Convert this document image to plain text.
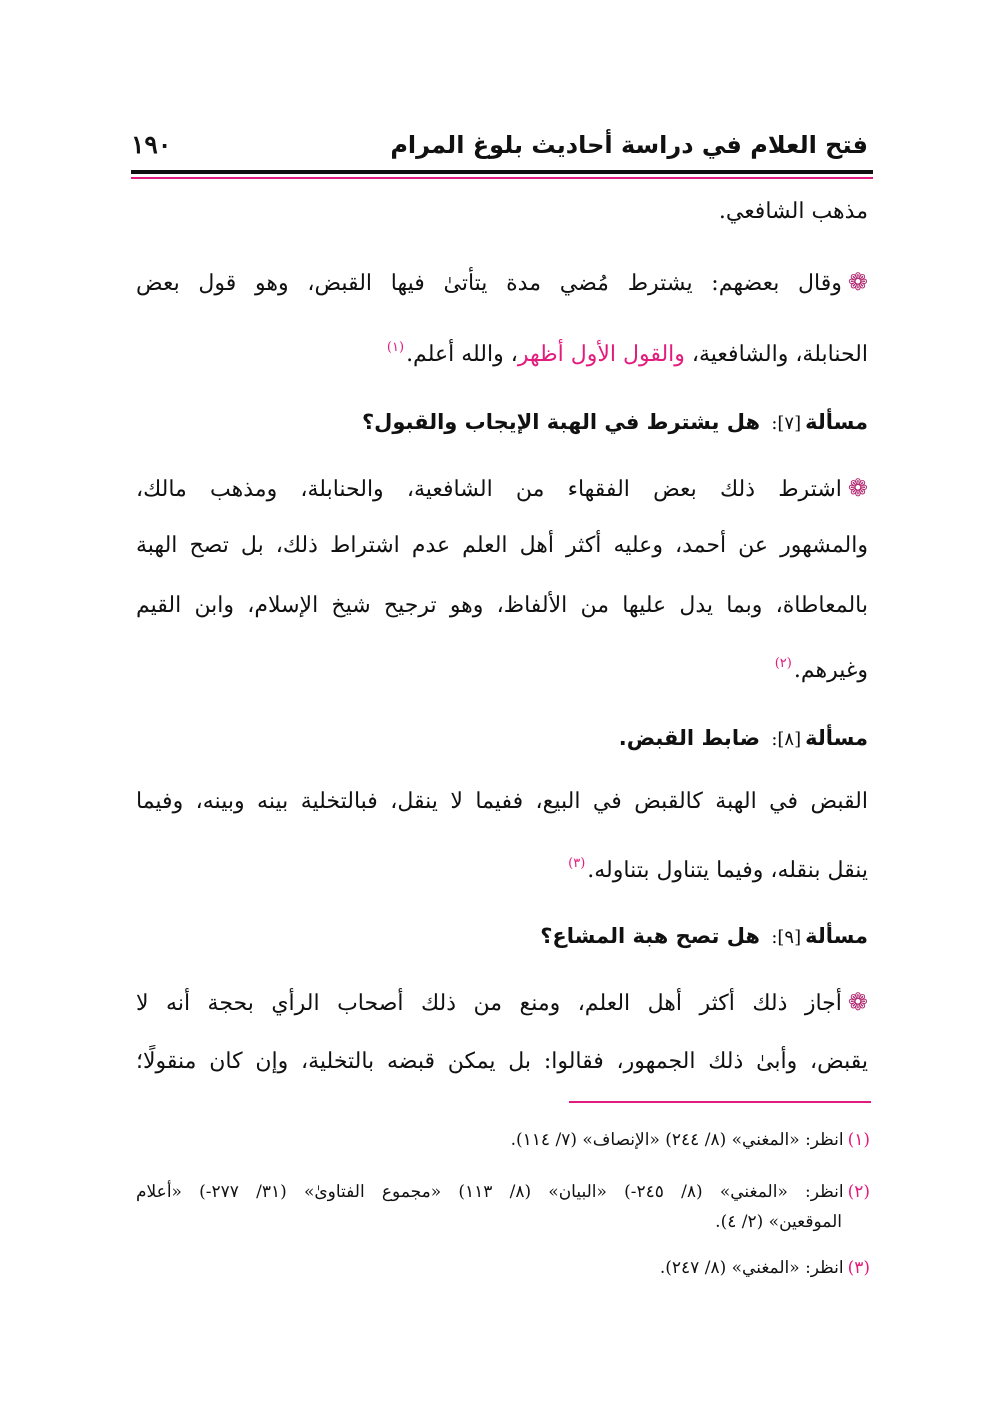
فتح العلام في دراسة أحاديث بلوغ المرام
١٩٠
مذهب الشافعي.
❁وقال بعضهم: يشترط مُضي مدة يتأتىٰ فيها القبض، وهو قول بعض
الحنابلة، والشافعية، والقول الأول أظهر، والله أعلم.$^{(١)}$
مسألة[٧]: هل يشترط في الهبة الإيجاب والقبول؟
❁اشترط ذلك بعض الفقهاء من الشافعية، والحنابلة، ومذهب مالك،
والمشهور عن أحمد، وعليه أكثر أهل العلم عدم اشتراط ذلك، بل تصح الهبة
بالمعاطاة، وبما يدل عليها من الألفاظ، وهو ترجيح شيخ الإسلام، وابن القيم
وغيرهم.$^{(٢)}$
مسألة[٨]: ضابط القبض.
القبض في الهبة كالقبض في البيع، ففيما لا ينقل، فبالتخلية بينه وبينه، وفيما
ينقل بنقله، وفيما يتناول بتناوله.$^{(٣)}$
مسألة[٩]: هل تصح هبة المشاع؟
❁أجاز ذلك أكثر أهل العلم، ومنع من ذلك أصحاب الرأي بحجة أنه لا
يقبض، وأبىٰ ذلك الجمهور، فقالوا: بل يمكن قبضه بالتخلية، وإن كان منقولًا؛
(١)انظر: «المغني» (٨/ ٢٤٤) «الإنصاف» (٧/ ١١٤).
(٢)انظر: «المغني» (٨/ ٢٤٥-) «البيان» (٨/ ١١٣) «مجموع الفتاوىٰ» (٣١/ ٢٧٧-) «أعلام
الموقعين» (٢/ ٤).
(٣)انظر: «المغني» (٨/ ٢٤٧).
